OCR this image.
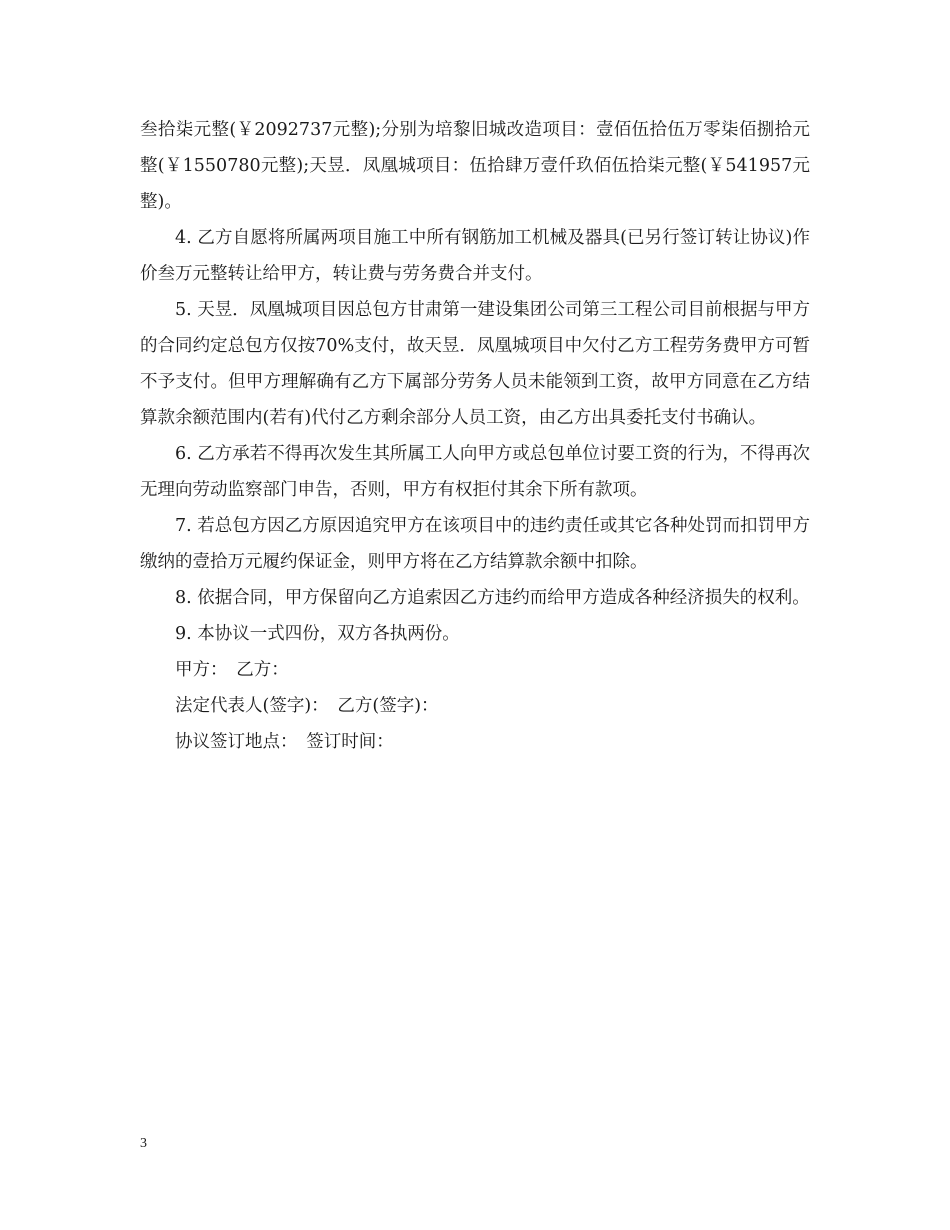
叁拾柒元整(￥2092737元整);分别为培黎旧城改造项目：壹佰伍拾伍万零柒佰捌拾元整(￥1550780元整);天昱．凤凰城项目：伍拾肆万壹仟玖佰伍拾柒元整(￥541957元整)。

4. 乙方自愿将所属两项目施工中所有钢筋加工机械及器具(已另行签订转让协议)作价叁万元整转让给甲方，转让费与劳务费合并支付。

5. 天昱．凤凰城项目因总包方甘肃第一建设集团公司第三工程公司目前根据与甲方的合同约定总包方仅按70%支付，故天昱．凤凰城项目中欠付乙方工程劳务费甲方可暂不予支付。但甲方理解确有乙方下属部分劳务人员未能领到工资，故甲方同意在乙方结算款余额范围内(若有)代付乙方剩余部分人员工资，由乙方出具委托支付书确认。

6. 乙方承若不得再次发生其所属工人向甲方或总包单位讨要工资的行为，不得再次无理向劳动监察部门申告，否则，甲方有权拒付其余下所有款项。

7. 若总包方因乙方原因追究甲方在该项目中的违约责任或其它各种处罚而扣罚甲方缴纳的壹拾万元履约保证金，则甲方将在乙方结算款余额中扣除。

8. 依据合同，甲方保留向乙方追索因乙方违约而给甲方造成各种经济损失的权利。

9. 本协议一式四份，双方各执两份。

甲方：　乙方：

法定代表人(签字)：　乙方(签字)：

协议签订地点：　签订时间：

3
